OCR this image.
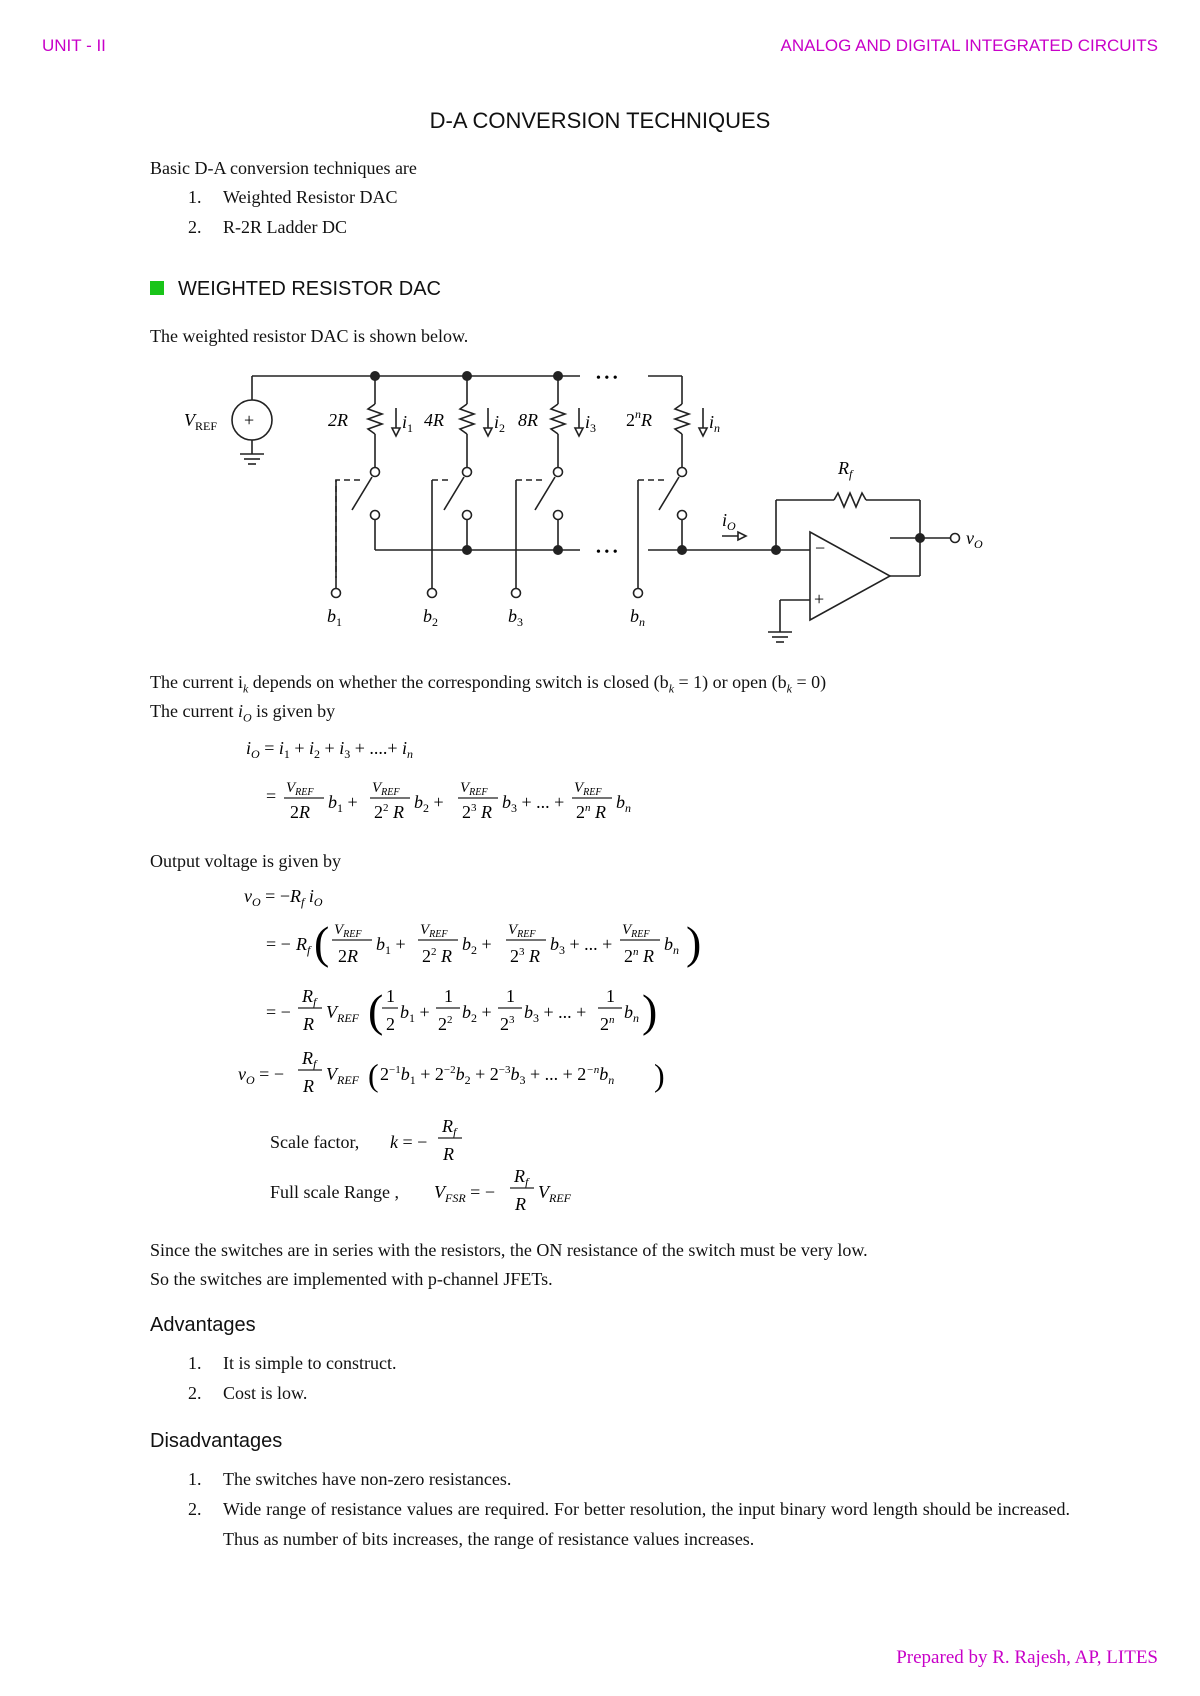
UNIT - II	ANALOG AND DIGITAL INTEGRATED CIRCUITS
D-A CONVERSION TECHNIQUES
Basic D-A conversion techniques are
1. Weighted Resistor DAC
2. R-2R Ladder DC
WEIGHTED RESISTOR DAC
The weighted resistor DAC is shown below.
• • •
• • •
+
$V_{REF}$	2R	4R	8R	2$^n$R
$i_1$	$i_2$	$i_3$	$i_n$
$b_1$	$b_2$	$b_3$	$b_n$
$R_f$
$i_O$
$v_O$
−
+
The current $i_k$ depends on whether the corresponding switch is closed $(b_k = 1)$ or open $(b_k = 0)$
The current $i_O$ is given by
$i_O = i_1 + i_2 + i_3$ + ....+ $i_n$
= $V_{REF}$
2R $b_1$ +
$V_{REF}$
$2^2$ R $b_2$ +
$V_{REF}$
$2^3$ R $b_3$ + ... +
$V_{REF}$
2$^n$ R $b_n$
Output voltage is given by
$v_O = -R_f$ $i_O$
= − $R_f$ ( $V_{REF}$
2R
$b_1$ +
$V_{REF}$
$2^2$ R
$b_2$ +
$V_{REF}$
$2^3$ R
$b_3$ + ... +
$V_{REF}$
2$^n$ R
$b_n$ )
= −
$R_f$
R
$V_{REF}$ ( 1
2
$b_1$ +
1
$2^2$ $b_2$ +
1
$2^3$ $b_3$ + ... +
1
2$^n$ $b_n$ )
$v_O$ = −
$R_f$
R
$V_{REF}$ ( $2^{-1}b_1 + 2^{-2}b_2 + 2^{-3}b_3$ + ... + $2^{-n}b_n$ )
Scale factor, k = −
$R_f$
R
Full scale Range , $V_{FSR}$ = −
$R_f$
R
$V_{REF}$
Since the switches are in series with the resistors, the ON resistance of the switch must be very low.
So the switches are implemented with p-channel JFETs.
Advantages
1. It is simple to construct.
2. Cost is low.
Disadvantages
1. The switches have non-zero resistances.
2. Wide range of resistance values are required. For better resolution, the input binary word length should be increased. Thus as number of bits increases, the range of resistance values increases.
Prepared by R. Rajesh, AP, LITES
